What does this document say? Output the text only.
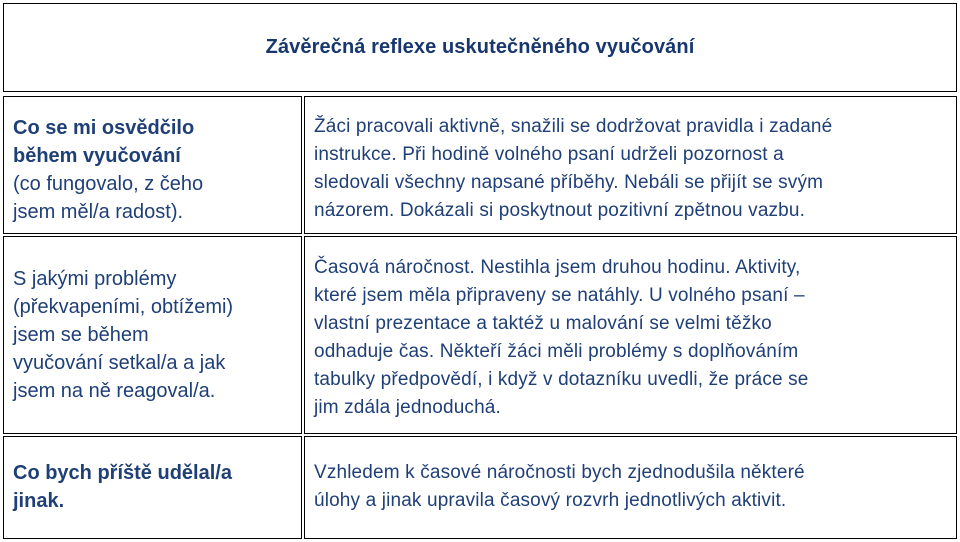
Závěrečná reflexe uskutečněného vyučování
Co se mi osvědčilo
během vyučování
(co fungovalo, z čeho
jsem měl/a radost).
Žáci pracovali aktivně, snažili se dodržovat pravidla i zadané
instrukce. Při hodině volného psaní udrželi pozornost a
sledovali všechny napsané příběhy. Nebáli se přijít se svým
názorem. Dokázali si poskytnout pozitivní zpětnou vazbu.
S jakými problémy
(překvapeními, obtížemi)
jsem se během
vyučování setkal/a a jak
jsem na ně reagoval/a.
Časová náročnost. Nestihla jsem druhou hodinu. Aktivity,
které jsem měla připraveny se natáhly. U volného psaní –
vlastní prezentace a taktéž u malování se velmi těžko
odhaduje čas. Někteří žáci měli problémy s doplňováním
tabulky předpovědí, i když v dotazníku uvedli, že práce se
jim zdála jednoduchá.
Co bych příště udělal/a
jinak.
Vzhledem k časové náročnosti bych zjednodušila některé
úlohy a jinak upravila časový rozvrh jednotlivých aktivit.
